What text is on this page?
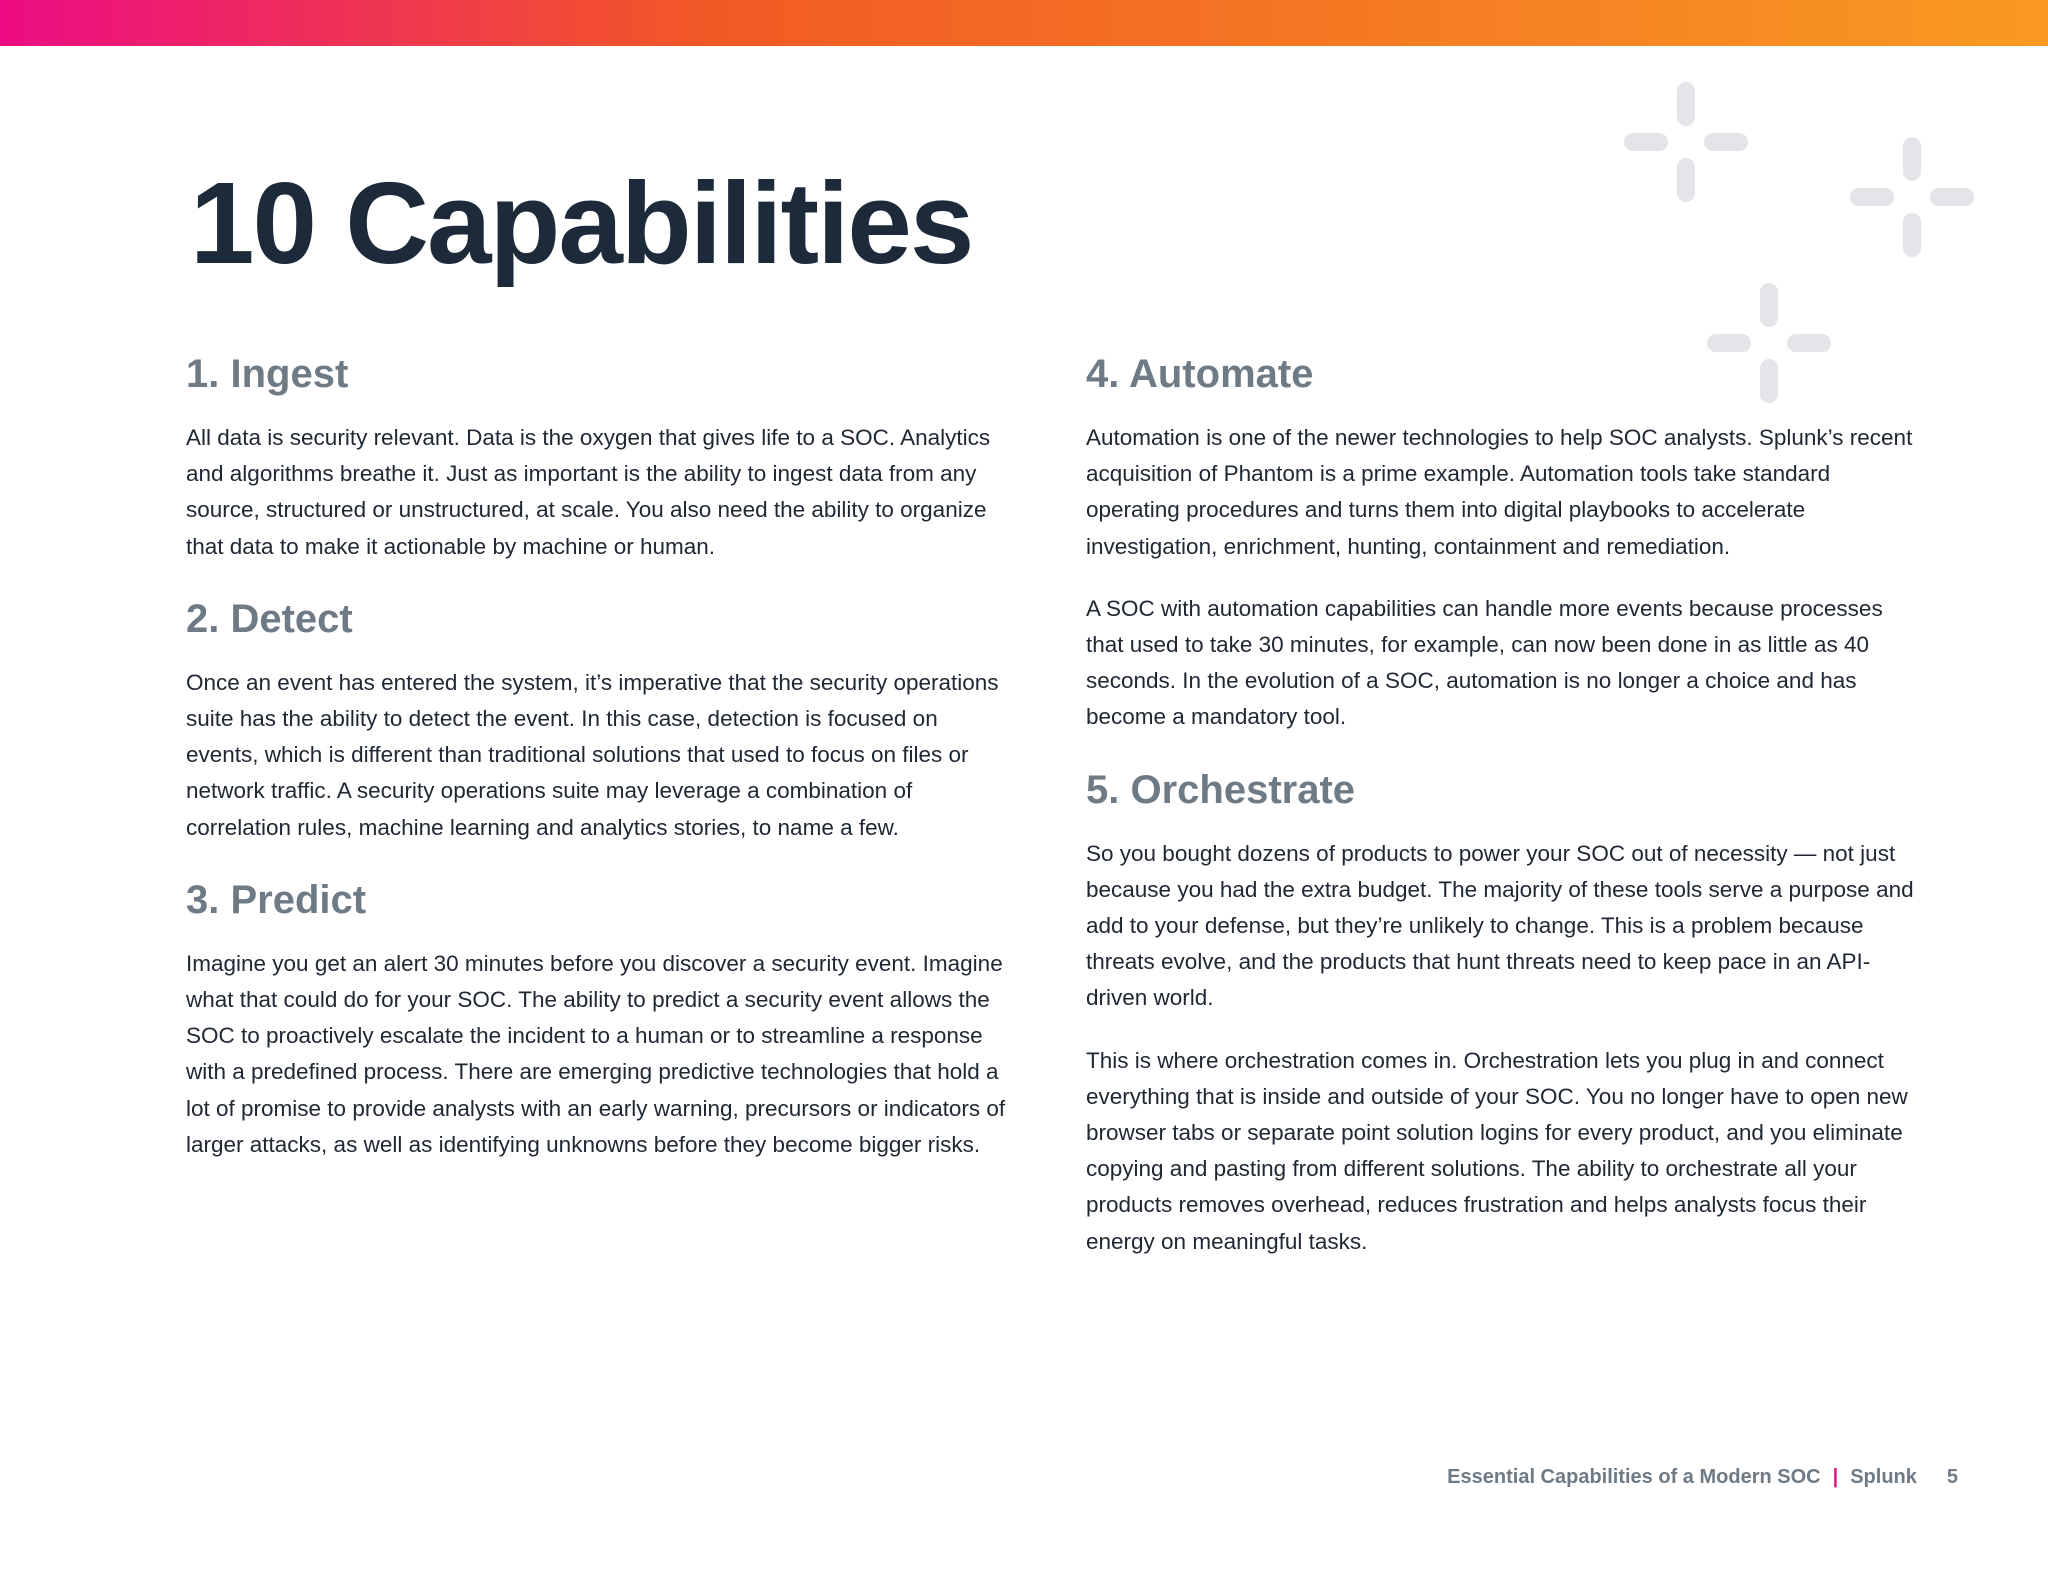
10 Capabilities
1. Ingest

All data is security relevant. Data is the oxygen that gives life to a SOC. Analytics and algorithms breathe it. Just as important is the ability to ingest data from any source, structured or unstructured, at scale. You also need the ability to organize that data to make it actionable by machine or human.

2. Detect

Once an event has entered the system, it’s imperative that the security operations suite has the ability to detect the event. In this case, detection is focused on events, which is different than traditional solutions that used to focus on files or network traffic. A security operations suite may leverage a combination of correlation rules, machine learning and analytics stories, to name a few.

3. Predict

Imagine you get an alert 30 minutes before you discover a security event. Imagine what that could do for your SOC. The ability to predict a security event allows the SOC to proactively escalate the incident to a human or to streamline a response with a predefined process. There are emerging predictive technologies that hold a lot of promise to provide analysts with an early warning, precursors or indicators of larger attacks, as well as identifying unknowns before they become bigger risks.

4. Automate

Automation is one of the newer technologies to help SOC analysts. Splunk’s recent acquisition of Phantom is a prime example. Automation tools take standard operating procedures and turns them into digital playbooks to accelerate investigation, enrichment, hunting, containment and remediation.

A SOC with automation capabilities can handle more events because processes that used to take 30 minutes, for example, can now been done in as little as 40 seconds. In the evolution of a SOC, automation is no longer a choice and has become a mandatory tool.

5. Orchestrate

So you bought dozens of products to power your SOC out of necessity — not just because you had the extra budget. The majority of these tools serve a purpose and add to your defense, but they’re unlikely to change. This is a problem because threats evolve, and the products that hunt threats need to keep pace in an API-driven world.

This is where orchestration comes in. Orchestration lets you plug in and connect everything that is inside and outside of your SOC. You no longer have to open new browser tabs or separate point solution logins for every product, and you eliminate copying and pasting from different solutions. The ability to orchestrate all your products removes overhead, reduces frustration and helps analysts focus their energy on meaningful tasks.

Essential Capabilities of a Modern SOC | Splunk 5
